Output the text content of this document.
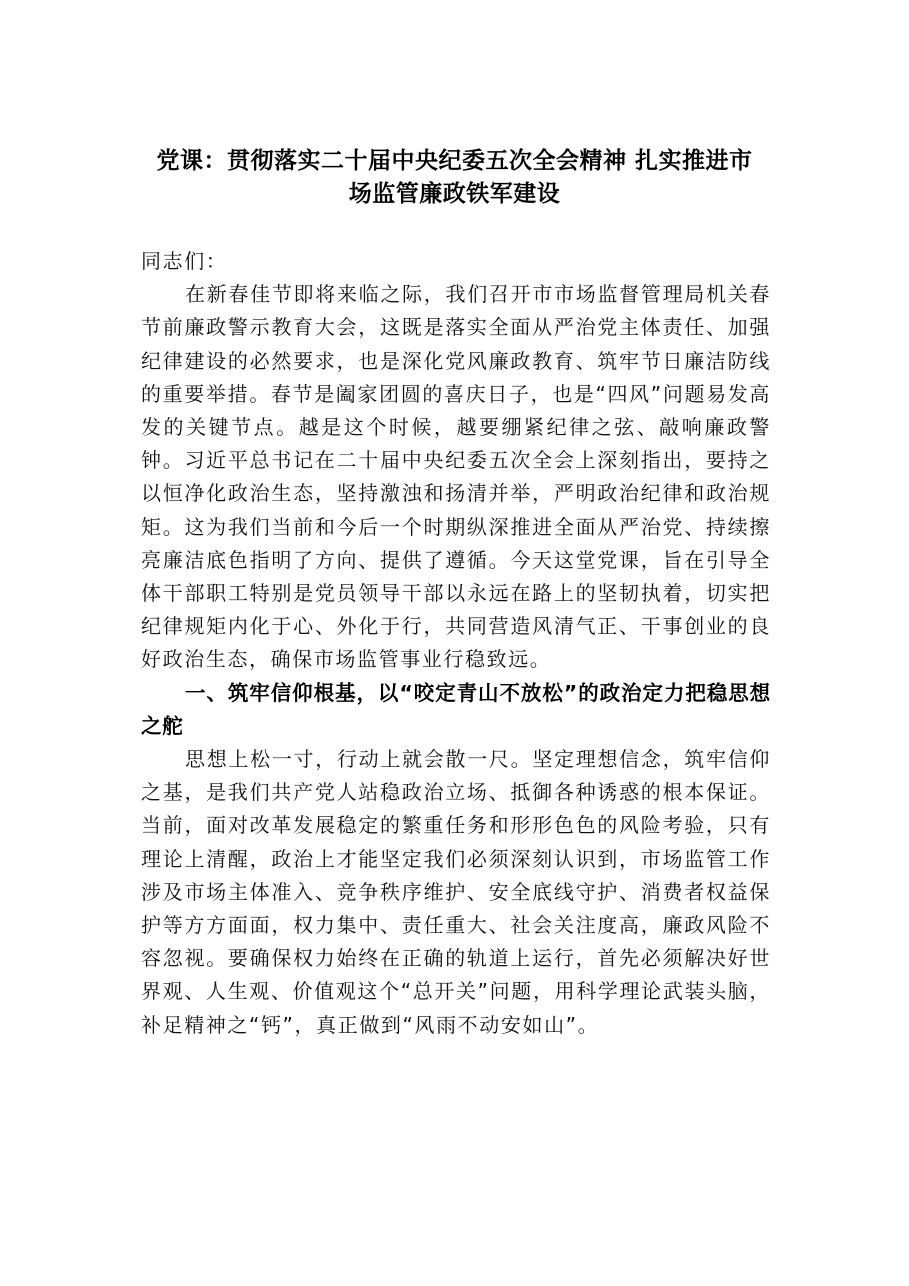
党课：贯彻落实二十届中央纪委五次全会精神 扎实推进市
场监管廉政铁军建设

同志们：

在新春佳节即将来临之际，我们召开市市场监督管理局机关春节前廉政警示教育大会，这既是落实全面从严治党主体责任、加强纪律建设的必然要求，也是深化党风廉政教育、筑牢节日廉洁防线的重要举措。春节是阖家团圆的喜庆日子，也是“四风”问题易发高发的关键节点。越是这个时候，越要绷紧纪律之弦、敲响廉政警钟。习近平总书记在二十届中央纪委五次全会上深刻指出，要持之以恒净化政治生态，坚持激浊和扬清并举，严明政治纪律和政治规矩。这为我们当前和今后一个时期纵深推进全面从严治党、持续擦亮廉洁底色指明了方向、提供了遵循。今天这堂党课，旨在引导全体干部职工特别是党员领导干部以永远在路上的坚韧执着，切实把纪律规矩内化于心、外化于行，共同营造风清气正、干事创业的良好政治生态，确保市场监管事业行稳致远。

一、筑牢信仰根基，以“咬定青山不放松”的政治定力把稳思想之舵

思想上松一寸，行动上就会散一尺。坚定理想信念，筑牢信仰之基，是我们共产党人站稳政治立场、抵御各种诱惑的根本保证。当前，面对改革发展稳定的繁重任务和形形色色的风险考验，只有理论上清醒，政治上才能坚定我们必须深刻认识到，市场监管工作涉及市场主体准入、竞争秩序维护、安全底线守护、消费者权益保护等方方面面，权力集中、责任重大、社会关注度高，廉政风险不容忽视。要确保权力始终在正确的轨道上运行，首先必须解决好世界观、人生观、价值观这个“总开关”问题，用科学理论武装头脑，补足精神之“钙”，真正做到“风雨不动安如山”。
